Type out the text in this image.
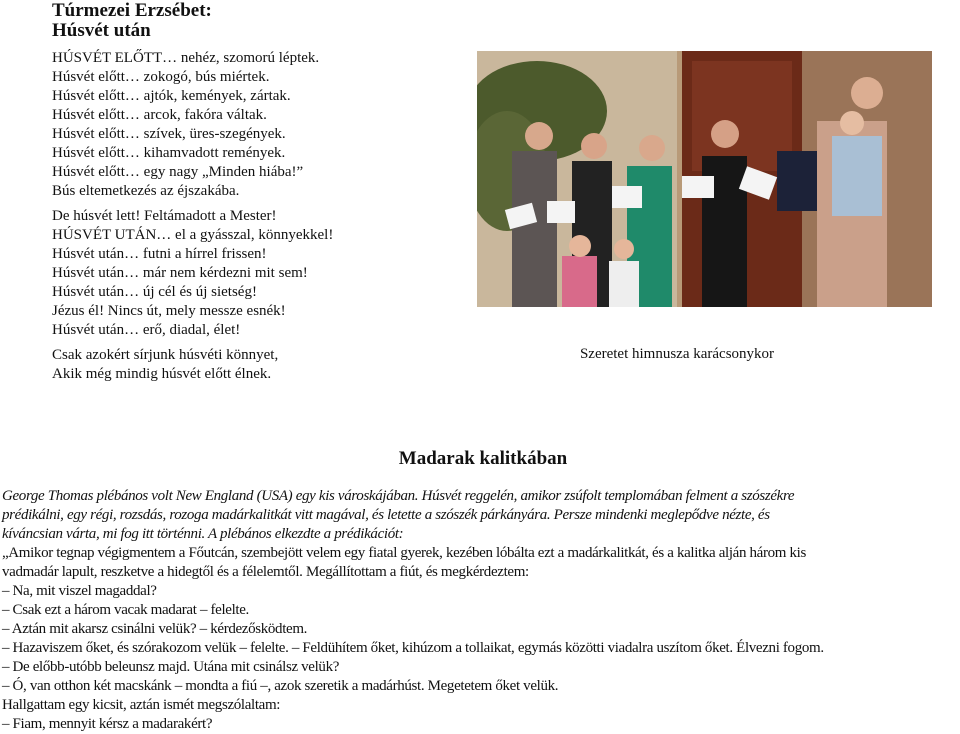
Túrmezei Erzsébet:
Húsvét után
HÚSVÉT ELŐTT… nehéz, szomorú léptek.
Húsvét előtt… zokogó, bús miértek.
Húsvét előtt… ajtók, kemények, zártak.
Húsvét előtt… arcok, fakóra váltak.
Húsvét előtt… szívek, üres-szegények.
Húsvét előtt… kihamvadott remények.
Húsvét előtt… egy nagy „Minden hiába!”
Bús eltemetkezés az éjszakába.
De húsvét lett! Feltámadott a Mester!
HÚSVÉT UTÁN… el a gyásszal, könnyekkel!
Húsvét után… futni a hírrel frissen!
Húsvét után… már nem kérdezni mit sem!
Húsvét után… új cél és új sietség!
Jézus él! Nincs út, mely messze esnék!
Húsvét után… erő, diadal, élet!
Csak azokért sírjunk húsvéti könnyet,
Akik még mindig húsvét előtt élnek.
Szeretet himnusza karácsonykor
Madarak kalitkában
George Thomas plébános volt New England (USA) egy kis városkájában. Húsvét reggelén, amikor zsúfolt templomában felment a szószékre
prédikálni, egy régi, rozsdás, rozoga madárkalitkát vitt magával, és letette a szószék párkányára. Persze mindenki meglepődve nézte, és
kíváncsian várta, mi fog itt történni. A plébános elkezdte a prédikációt:
„Amikor tegnap végigmentem a Főutcán, szembejött velem egy fiatal gyerek, kezében lóbálta ezt a madárkalitkát, és a kalitka alján három kis
vadmadár lapult, reszketve a hidegtől és a félelemtől. Megállítottam a fiút, és megkérdeztem:
– Na, mit viszel magaddal?
– Csak ezt a három vacak madarat – felelte.
– Aztán mit akarsz csinálni velük? – kérdezősködtem.
– Hazaviszem őket, és szórakozom velük – felelte. – Feldühítem őket, kihúzom a tollaikat, egymás közötti viadalra uszítom őket. Élvezni fogom.
– De előbb-utóbb beleunsz majd. Utána mit csinálsz velük?
– Ó, van otthon két macskánk – mondta a fiú –, azok szeretik a madárhúst. Megetetem őket velük.
Hallgattam egy kicsit, aztán ismét megszólaltam:
– Fiam, mennyit kérsz a madarakért?
